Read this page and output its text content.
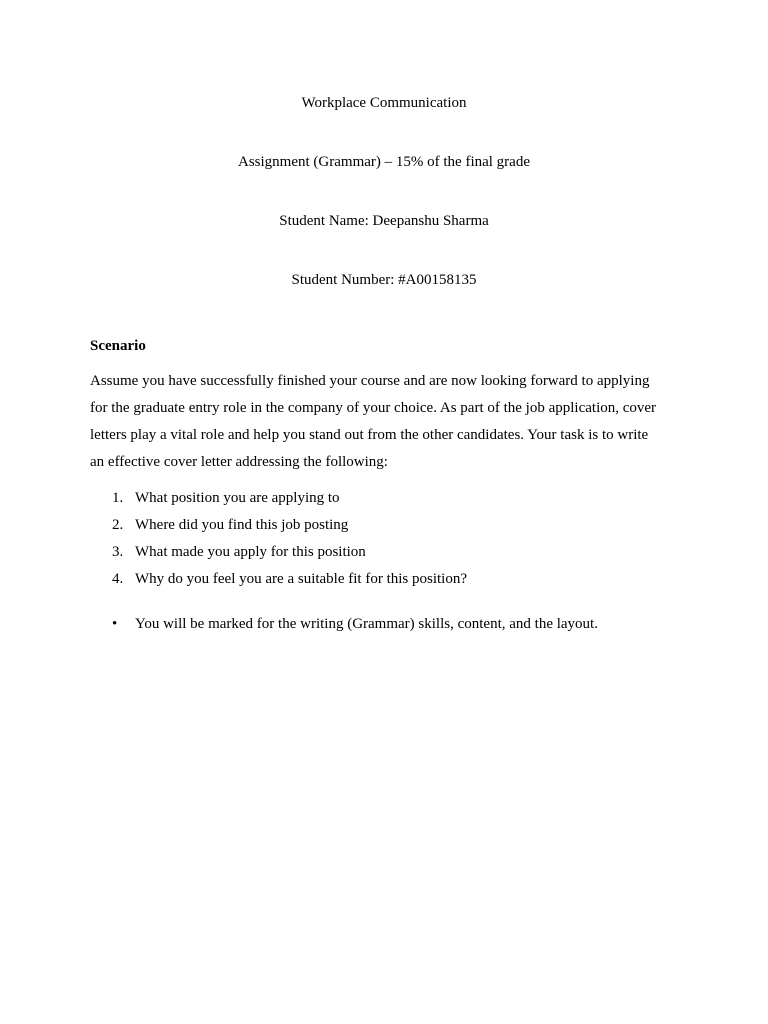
Workplace Communication
Assignment (Grammar) – 15% of the final grade
Student Name: Deepanshu Sharma
Student Number: #A00158135
Scenario
Assume you have successfully finished your course and are now looking forward to applying
for the graduate entry role in the company of your choice. As part of the job application, cover
letters play a vital role and help you stand out from the other candidates. Your task is to write
an effective cover letter addressing the following:
1. What position you are applying to
2. Where did you find this job posting
3. What made you apply for this position
4. Why do you feel you are a suitable fit for this position?
• You will be marked for the writing (Grammar) skills, content, and the layout.
